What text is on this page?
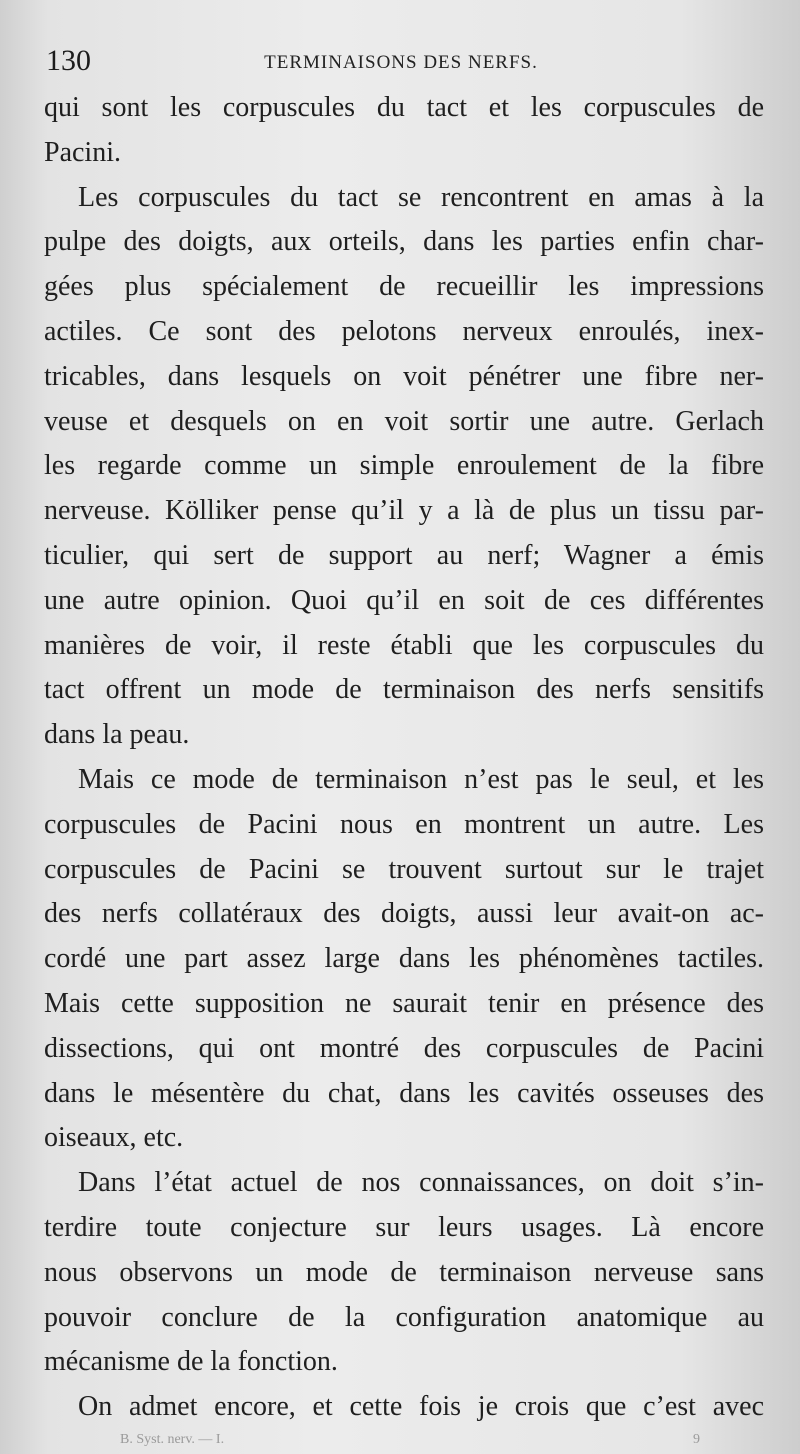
130	TERMINAISONS DES NERFS.
qui sont les corpuscules du tact et les corpuscules de
Pacini.
Les corpuscules du tact se rencontrent en amas à la
pulpe des doigts, aux orteils, dans les parties enfin char-
gées plus spécialement de recueillir les impressions
actiles. Ce sont des pelotons nerveux enroulés, inex-
tricables, dans lesquels on voit pénétrer une fibre ner-
veuse et desquels on en voit sortir une autre. Gerlach
les regarde comme un simple enroulement de la fibre
nerveuse. Kölliker pense qu’il y a là de plus un tissu par-
ticulier, qui sert de support au nerf; Wagner a émis
une autre opinion. Quoi qu’il en soit de ces différentes
manières de voir, il reste établi que les corpuscules du
tact offrent un mode de terminaison des nerfs sensitifs
dans la peau.
Mais ce mode de terminaison n’est pas le seul, et les
corpuscules de Pacini nous en montrent un autre. Les
corpuscules de Pacini se trouvent surtout sur le trajet
des nerfs collatéraux des doigts, aussi leur avait-on ac-
cordé une part assez large dans les phénomènes tactiles.
Mais cette supposition ne saurait tenir en présence des
dissections, qui ont montré des corpuscules de Pacini
dans le mésentère du chat, dans les cavités osseuses des
oiseaux, etc.
Dans l’état actuel de nos connaissances, on doit s’in-
terdire toute conjecture sur leurs usages. Là encore
nous observons un mode de terminaison nerveuse sans
pouvoir conclure de la configuration anatomique au
mécanisme de la fonction.
On admet encore, et cette fois je crois que c’est avec
B. Syst. nerv. — I.	9
